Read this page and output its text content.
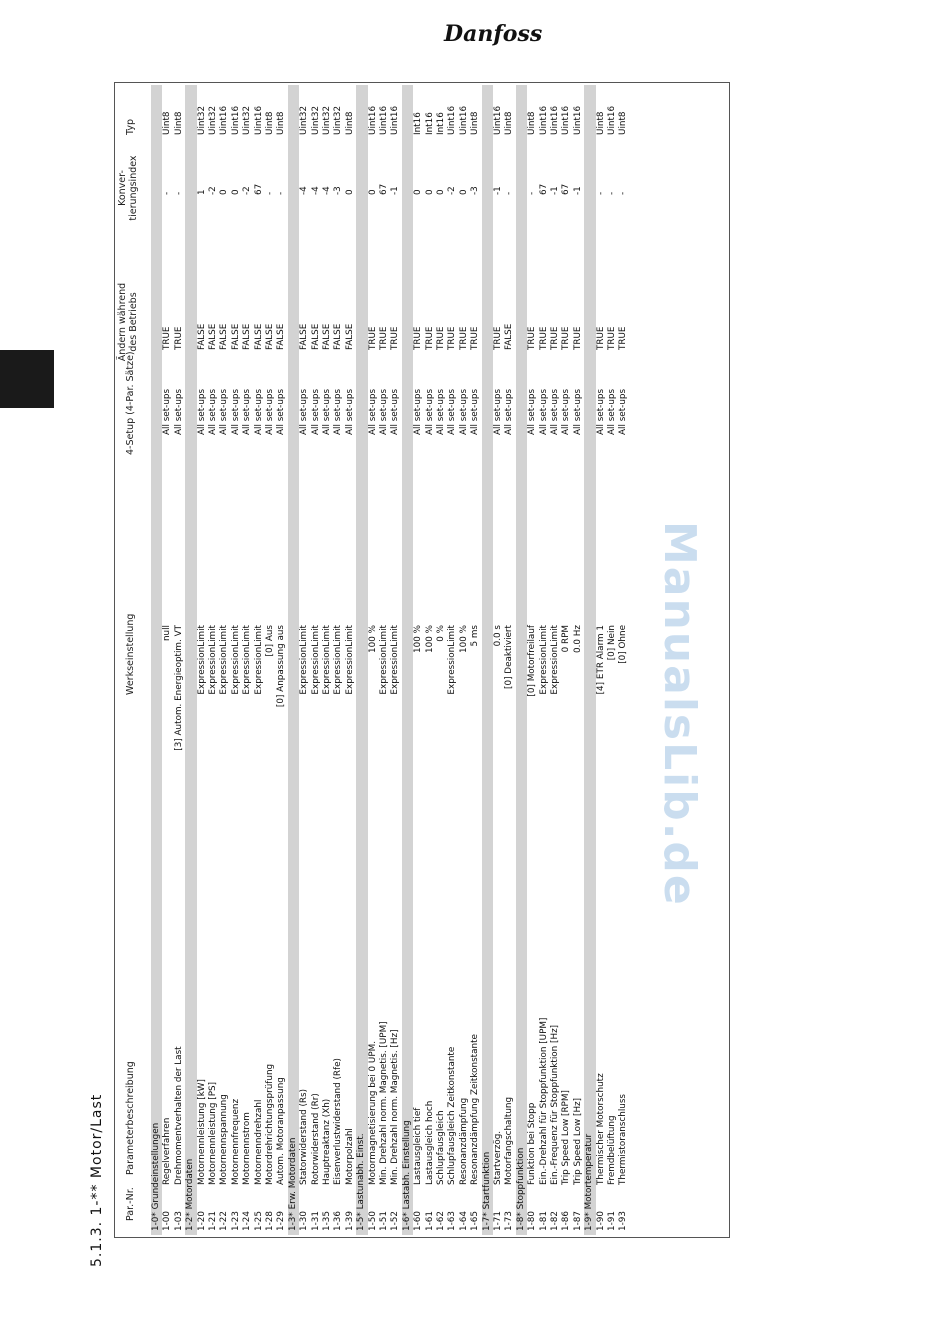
Danfoss
5.1.3. 1-** Motor/Last Par.-Nr.
Parameterbeschreibung
Werkseinstellung
4-Setup (4-Par. Sätze)
Ändern während des Betriebs
Konver-tierungsindex
Typ
1-0* Grundeinstellungen 1-00
Regelverfahren
null
All set-ups
TRUE
-
Uint8
1-03
Drehmomentverhalten der Last
[3] Autom. Energieoptim. VT
All set-ups
TRUE
-
Uint8
1-2* Motordaten 1-20
Motornennleistung [kW]
ExpressionLimit
All set-ups
FALSE
1
Uint32
1-21
Motornennleistung [PS]
ExpressionLimit
All set-ups
FALSE
-2
Uint32
1-22
Motornennspannung
ExpressionLimit
All set-ups
FALSE
0
Uint16
1-23
Motornennfrequenz
ExpressionLimit
All set-ups
FALSE
0
Uint16
1-24
Motornennstrom
ExpressionLimit
All set-ups
FALSE
-2
Uint32
1-25
Motornenndrehzahl
ExpressionLimit
All set-ups
FALSE
67
Uint16
1-28
Motordrehrichtungsprüfung
[0] Aus
All set-ups
FALSE
-
Uint8
1-29
Autom. Motoranpassung
[0] Anpassung aus
All set-ups
FALSE
-
Uint8
1-3* Erw. Motordaten 1-30
Statorwiderstand (Rs)
ExpressionLimit
All set-ups
FALSE
-4
Uint32
1-31
Rotorwiderstand (Rr)
ExpressionLimit
All set-ups
FALSE
-4
Uint32
1-35
Hauptreaktanz (Xh)
ExpressionLimit
All set-ups
FALSE
-4
Uint32
1-36
Eisenverlustwiderstand (Rfe)
ExpressionLimit
All set-ups
FALSE
-3
Uint32
1-39
Motorpolzahl
ExpressionLimit
All set-ups
FALSE
0
Uint8
1-5* Lastunabh. Einst. 1-50
Motormagnetisierung bei 0 UPM.
100 %
All set-ups
TRUE
0
Uint16
1-51
Min. Drehzahl norm. Magnetis. [UPM]
ExpressionLimit
All set-ups
TRUE
67
Uint16
1-52
Min. Drehzahl norm. Magnetis. [Hz]
ExpressionLimit
All set-ups
TRUE
-1
Uint16
1-6* Lastabh. Einstellung 1-60
Lastausgleich tief
100 %
All set-ups
TRUE
0
Int16
1-61
Lastausgleich hoch
100 %
All set-ups
TRUE
0
Int16
1-62
Schlupfausgleich
0 %
All set-ups
TRUE
0
Int16
1-63
Schlupfausgleich Zeitkonstante
ExpressionLimit
All set-ups
TRUE
-2
Uint16
1-64
Resonanzdämpfung
100 %
All set-ups
TRUE
0
Uint16
1-65
Resonanzdämpfung Zeitkonstante
5 ms
All set-ups
TRUE
-3
Uint8
1-7* Startfunktion 1-71
Startverzög.
0.0 s
All set-ups
TRUE
-1
Uint16
1-73
Motorfangschaltung
[0] Deaktiviert
All set-ups
FALSE
-
Uint8
1-8* Stoppfunktion 1-80
Funktion bei Stopp
[0] Motorfreilauf
All set-ups
TRUE
-
Uint8
1-81
Ein.-Drehzahl für Stoppfunktion [UPM]
ExpressionLimit
All set-ups
TRUE
67
Uint16
1-82
Ein.-Frequenz für Stoppfunktion [Hz]
ExpressionLimit
All set-ups
TRUE
-1
Uint16
1-86
Trip Speed Low [RPM]
0 RPM
All set-ups
TRUE
67
Uint16
1-87
Trip Speed Low [Hz]
0.0 Hz
All set-ups
TRUE
-1
Uint16
1-9* Motortemperatur 1-90
Thermischer Motorschutz
[4] ETR Alarm 1
All set-ups
TRUE
-
Uint8
1-91
Fremdbelüftung
[0] Nein
All set-ups
TRUE
-
Uint16
1-93
Thermistoranschluss
[0] Ohne
All set-ups
TRUE
-
Uint8
ManualsLib.de
